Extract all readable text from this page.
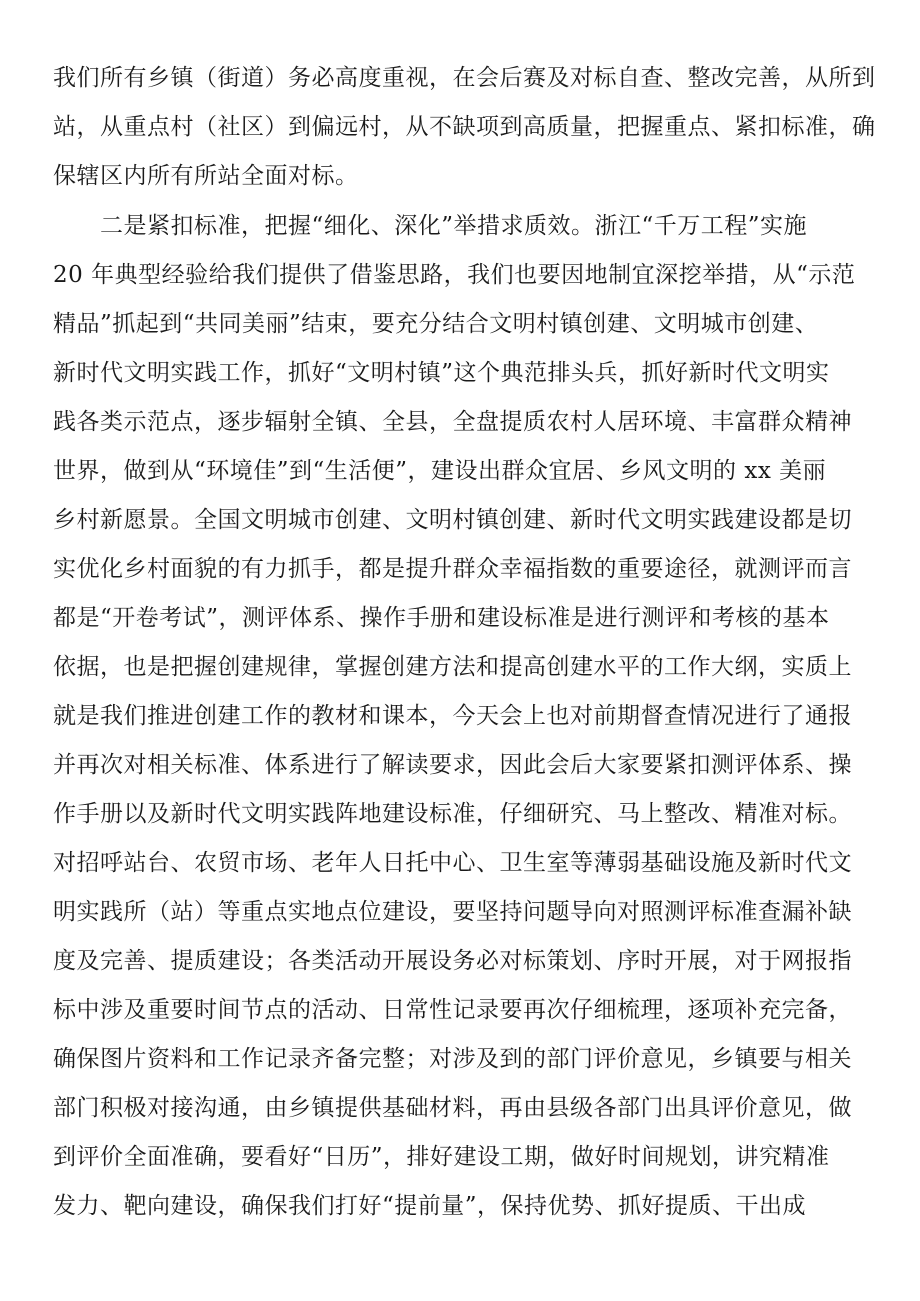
我们所有乡镇（街道）务必高度重视，在会后赛及对标自查、整改完善，从所到
站，从重点村（社区）到偏远村，从不缺项到高质量，把握重点、紧扣标准，确
保辖区内所有所站全面对标。
二是紧扣标准，把握“细化、深化”举措求质效。浙江“千万工程”实施
20 年典型经验给我们提供了借鉴思路，我们也要因地制宜深挖举措，从“示范
精品”抓起到“共同美丽”结束，要充分结合文明村镇创建、文明城市创建、
新时代文明实践工作，抓好“文明村镇”这个典范排头兵，抓好新时代文明实
践各类示范点，逐步辐射全镇、全县，全盘提质农村人居环境、丰富群众精神
世界，做到从“环境佳”到“生活便”，建设出群众宜居、乡风文明的 xx 美丽
乡村新愿景。全国文明城市创建、文明村镇创建、新时代文明实践建设都是切
实优化乡村面貌的有力抓手，都是提升群众幸福指数的重要途径，就测评而言
都是“开卷考试”，测评体系、操作手册和建设标准是进行测评和考核的基本
依据，也是把握创建规律，掌握创建方法和提高创建水平的工作大纲，实质上
就是我们推进创建工作的教材和课本，今天会上也对前期督查情况进行了通报
并再次对相关标准、体系进行了解读要求，因此会后大家要紧扣测评体系、操
作手册以及新时代文明实践阵地建设标准，仔细研究、马上整改、精准对标。
对招呼站台、农贸市场、老年人日托中心、卫生室等薄弱基础设施及新时代文
明实践所（站）等重点实地点位建设，要坚持问题导向对照测评标准查漏补缺
度及完善、提质建设；各类活动开展设务必对标策划、序时开展，对于网报指
标中涉及重要时间节点的活动、日常性记录要再次仔细梳理，逐项补充完备，
确保图片资料和工作记录齐备完整；对涉及到的部门评价意见，乡镇要与相关
部门积极对接沟通，由乡镇提供基础材料，再由县级各部门出具评价意见，做
到评价全面准确，要看好“日历”，排好建设工期，做好时间规划，讲究精准
发力、靶向建设，确保我们打好“提前量”，保持优势、抓好提质、干出成
